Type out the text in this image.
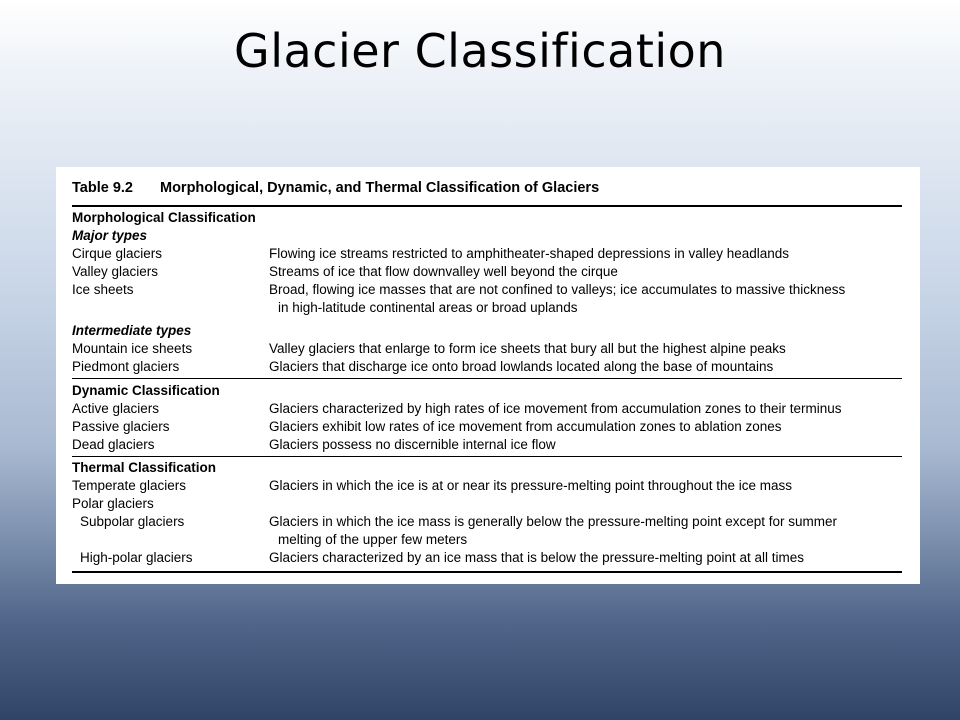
Glacier Classification
Table 9.2 Morphological, Dynamic, and Thermal Classification of Glaciers
Morphological Classification
Major types
Cirque glaciers	Flowing ice streams restricted to amphitheater-shaped depressions in valley headlands
Valley glaciers	Streams of ice that flow downvalley well beyond the cirque
Ice sheets	Broad, flowing ice masses that are not confined to valleys; ice accumulates to massive thickness
in high-latitude continental areas or broad uplands
Intermediate types
Mountain ice sheets	Valley glaciers that enlarge to form ice sheets that bury all but the highest alpine peaks
Piedmont glaciers	Glaciers that discharge ice onto broad lowlands located along the base of mountains
Dynamic Classification
Active glaciers	Glaciers characterized by high rates of ice movement from accumulation zones to their terminus
Passive glaciers	Glaciers exhibit low rates of ice movement from accumulation zones to ablation zones
Dead glaciers	Glaciers possess no discernible internal ice flow
Thermal Classification
Temperate glaciers	Glaciers in which the ice is at or near its pressure-melting point throughout the ice mass
Polar glaciers
Subpolar glaciers	Glaciers in which the ice mass is generally below the pressure-melting point except for summer
melting of the upper few meters
High-polar glaciers	Glaciers characterized by an ice mass that is below the pressure-melting point at all times
